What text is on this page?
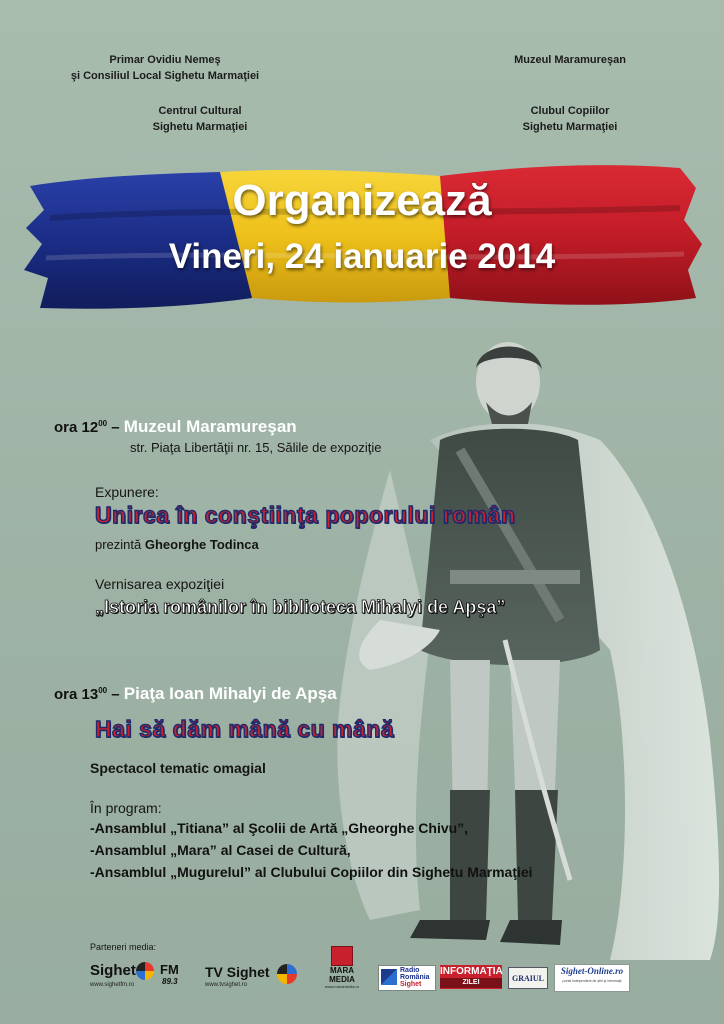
Primar Ovidiu Nemeş
şi Consiliul Local Sighetu Marmaţiei
Muzeul Maramureşan
Centrul Cultural
Sighetu Marmaţiei
Clubul Copiilor
Sighetu Marmaţiei
Organizează
Vineri, 24 ianuarie 2014
ora $12^{00}$ – Muzeul Maramureşan
str. Piaţa Libertăţii nr. 15, Sălile de expoziţie
Expunere:
Unirea în conştiinţa poporului român
prezintă Gheorghe Todinca
Vernisarea expoziţiei
„Istoria românilor în biblioteca Mihalyi de Apşa”
ora $13^{00}$ – Piaţa Ioan Mihalyi de Apşa
Hai să dăm mână cu mână
Spectacol tematic omagial
În program:
-Ansamblul „Titiana” al Şcolii de Artă „Gheorghe Chivu”,
-Ansamblul „Mara” al Casei de Cultură,
-Ansamblul „Mugurelul” al Clubului Copiilor din Sighetu Marmaţiei
Parteneri media:
Sighet FM
89.3
www.sighetfm.ro
TV Sighet
www.tvsighet.ro
MARA
MEDIA
www.maramedia.ro
Radio
România
Sighet
INFORMAŢIA
ZILEI	GRAIUL
Sighet-Online.ro
portal independent de ştiri şi informaţii
